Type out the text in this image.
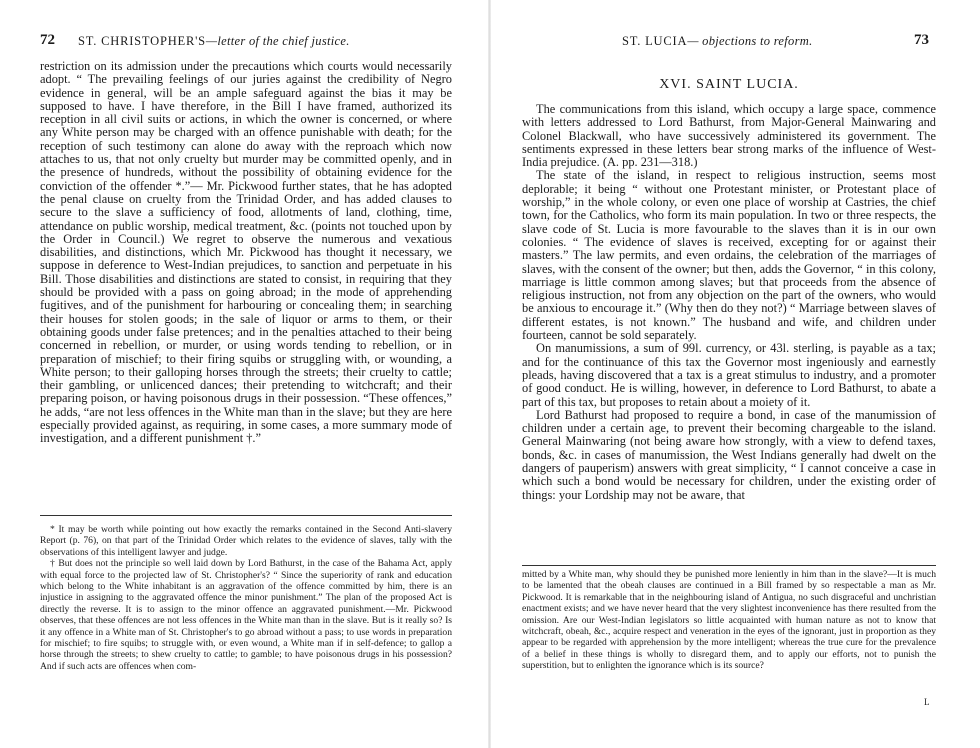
72 ST. CHRISTOPHER'S—letter of the chief justice.

restriction on its admission under the precautions which courts would necessarily adopt. “ The prevailing feelings of our juries against the credibility of Negro evidence in general, will be an ample safeguard against the bias it may be supposed to have. I have therefore, in the Bill I have framed, authorized its reception in all civil suits or actions, in which the owner is concerned, or where any White person may be charged with an offence punishable with death; for the reception of such testimony can alone do away with the reproach which now attaches to us, that not only cruelty but murder may be committed openly, and in the presence of hundreds, without the possibility of obtaining evidence for the conviction of the offender *.”— Mr. Pickwood further states, that he has adopted the penal clause on cruelty from the Trinidad Order, and has added clauses to secure to the slave a sufficiency of food, allotments of land, clothing, time, attendance on public worship, medical treatment, &c. (points not touched upon by the Order in Council.) We regret to observe the numerous and vexatious disabilities, and distinctions, which Mr. Pickwood has thought it necessary, we suppose in deference to West-Indian prejudices, to sanction and perpetuate in his Bill. Those disabilities and distinctions are stated to consist, in requiring that they should be provided with a pass on going abroad; in the mode of apprehending fugitives, and of the punishment for harbouring or concealing them; in searching their houses for stolen goods; in the sale of liquor or arms to them, or their obtaining goods under false pretences; and in the penalties attached to their being concerned in rebellion, or murder, or using words tending to rebellion, or in preparation of mischief; to their firing squibs or struggling with, or wounding, a White person; to their galloping horses through the streets; their cruelty to cattle; their gambling, or unlicenced dances; their pretending to witchcraft; and their preparing poison, or having poisonous drugs in their possession. “These offences,” he adds, “are not less offences in the White man than in the slave; but they are here especially provided against, as requiring, in some cases, a more summary mode of investigation, and a different punishment †.”

* It may be worth while pointing out how exactly the remarks contained in the Second Anti-slavery Report (p. 76), on that part of the Trinidad Order which relates to the evidence of slaves, tally with the observations of this intelligent lawyer and judge.

† But does not the principle so well laid down by Lord Bathurst, in the case of the Bahama Act, apply with equal force to the projected law of St. Christopher's? “ Since the superiority of rank and education which belong to the White inhabitant is an aggravation of the offence committed by him, there is an injustice in assigning to the aggravated offence the minor punishment.” The plan of the proposed Act is directly the reverse. It is to assign to the minor offence an aggravated punishment.—Mr. Pickwood observes, that these offences are not less offences in the White man than in the slave. But is it really so? Is it any offence in a White man of St. Christopher's to go abroad without a pass; to use words in preparation for mischief; to fire squibs; to struggle with, or even wound, a White man if in self-defence; to gallop a horse through the streets; to shew cruelty to cattle; to gamble; to have poisonous drugs in his possession? And if such acts are offences when com-

ST. LUCIA— objections to reform.	73
XVI. SAINT LUCIA.

The communications from this island, which occupy a large space, commence with letters addressed to Lord Bathurst, from Major-General Mainwaring and Colonel Blackwall, who have successively administered its government. The sentiments expressed in these letters bear strong marks of the influence of West-India prejudice. (A. pp. 231—318.)

The state of the island, in respect to religious instruction, seems most deplorable; it being “ without one Protestant minister, or Protestant place of worship,” in the whole colony, or even one place of worship at Castries, the chief town, for the Catholics, who form its main population. In two or three respects, the slave code of St. Lucia is more favourable to the slaves than it is in our own colonies. “ The evidence of slaves is received, excepting for or against their masters.” The law permits, and even ordains, the celebration of the marriages of slaves, with the consent of the owner; but then, adds the Governor, “ in this colony, marriage is little common among slaves; but that proceeds from the absence of religious instruction, not from any objection on the part of the owners, who would be anxious to encourage it.” (Why then do they not?) “ Marriage between slaves of different estates, is not known.” The husband and wife, and children under fourteen, cannot be sold separately.

On manumissions, a sum of 99l. currency, or 43l. sterling, is payable as a tax; and for the continuance of this tax the Governor most ingeniously and earnestly pleads, having discovered that a tax is a great stimulus to industry, and a promoter of good conduct. He is willing, however, in deference to Lord Bathurst, to abate a part of this tax, but proposes to retain about a moiety of it.

Lord Bathurst had proposed to require a bond, in case of the manumission of children under a certain age, to prevent their becoming chargeable to the island. General Mainwaring (not being aware how strongly, with a view to defend taxes, bonds, &c. in cases of manumission, the West Indians generally had dwelt on the dangers of pauperism) answers with great simplicity, “ I cannot conceive a case in which such a bond would be necessary for children, under the existing order of things: your Lordship may not be aware, that

mitted by a White man, why should they be punished more leniently in him than in the slave?—It is much to be lamented that the obeah clauses are continued in a Bill framed by so respectable a man as Mr. Pickwood. It is remarkable that in the neighbouring island of Antigua, no such disgraceful and unchristian enactment exists; and we have never heard that the very slightest inconvenience has there resulted from the omission. Are our West-Indian legislators so little acquainted with human nature as not to know that witchcraft, obeah, &c., acquire respect and veneration in the eyes of the ignorant, just in proportion as they appear to be regarded with apprehension by the more intelligent; whereas the true cure for the prevalence of a belief in these things is wholly to disregard them, and to apply our efforts, not to punish the superstition, but to enlighten the ignorance which is its source?

L
